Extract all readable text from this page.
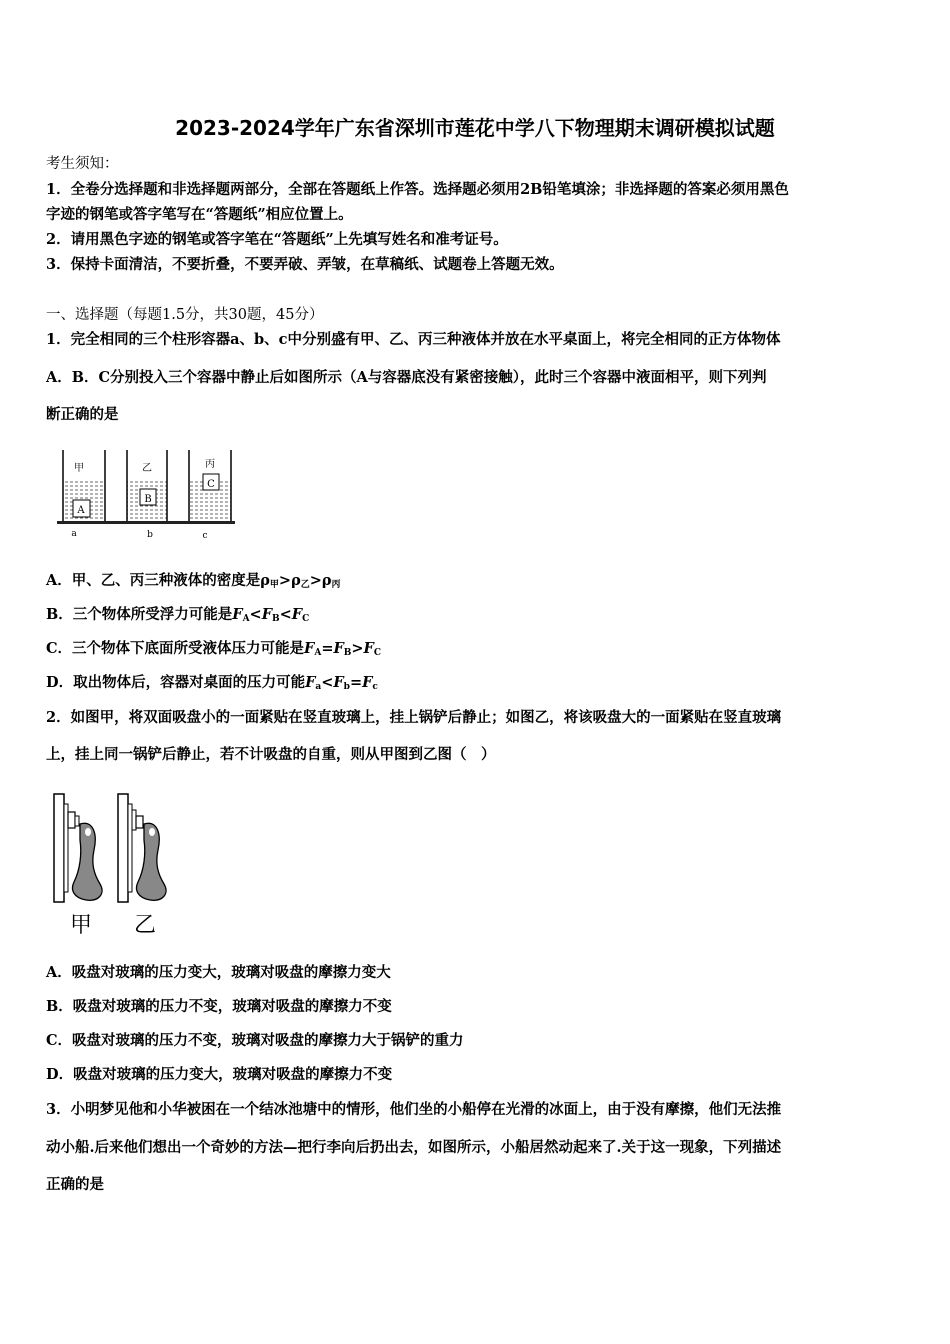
2023-2024学年广东省深圳市莲花中学八下物理期末调研模拟试题
考生须知：
1．全卷分选择题和非选择题两部分，全部在答题纸上作答。选择题必须用2B铅笔填涂；非选择题的答案必须用黑色
字迹的钢笔或答字笔写在“答题纸”相应位置上。
2．请用黑色字迹的钢笔或答字笔在“答题纸”上先填写姓名和准考证号。
3．保持卡面清洁，不要折叠，不要弄破、弄皱，在草稿纸、试题卷上答题无效。
一、选择题（每题1.5分，共30题，45分）
1．完全相同的三个柱形容器a、b、c中分别盛有甲、乙、丙三种液体并放在水平桌面上，将完全相同的正方体物体
A．B．C分别投入三个容器中静止后如图所示（A与容器底没有紧密接触），此时三个容器中液面相平，则下列判
断正确的是
甲	乙	丙
A
B
C
a	b	c
A．甲、乙、丙三种液体的密度是$\rho_甲>\rho_乙>\rho_丙$
B．三个物体所受浮力可能是$F_A<F_B<F_C$
C．三个物体下底面所受液体压力可能是$F_A=F_B>F_C$
D．取出物体后，容器对桌面的压力可能$F_a<F_b=F_c$
2．如图甲，将双面吸盘小的一面紧贴在竖直玻璃上，挂上锅铲后静止；如图乙，将该吸盘大的一面紧贴在竖直玻璃
上，挂上同一锅铲后静止，若不计吸盘的自重，则从甲图到乙图（　）
甲 乙
A．吸盘对玻璃的压力变大，玻璃对吸盘的摩擦力变大
B．吸盘对玻璃的压力不变，玻璃对吸盘的摩擦力不变
C．吸盘对玻璃的压力不变，玻璃对吸盘的摩擦力大于锅铲的重力
D．吸盘对玻璃的压力变大，玻璃对吸盘的摩擦力不变
3．小明梦见他和小华被困在一个结冰池塘中的情形，他们坐的小船停在光滑的冰面上，由于没有摩擦，他们无法推
动小船.后来他们想出一个奇妙的方法—把行李向后扔出去，如图所示，小船居然动起来了.关于这一现象，下列描述
正确的是
